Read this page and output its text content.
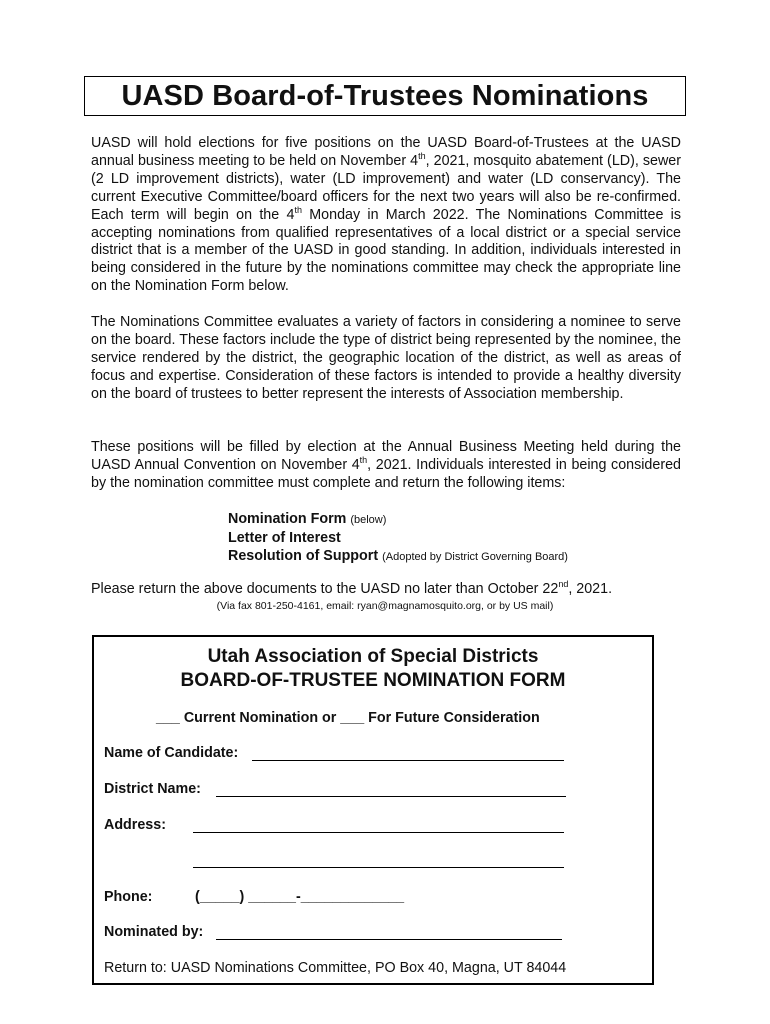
UASD Board-of-Trustees Nominations

UASD will hold elections for five positions on the UASD Board-of-Trustees at the UASD annual business meeting to be held on November 4th, 2021, mosquito abatement (LD), sewer (2 LD improvement districts), water (LD improvement) and water (LD conservancy). The current Executive Committee/board officers for the next two years will also be re-confirmed. Each term will begin on the 4th Monday in March 2022. The Nominations Committee is accepting nominations from qualified representatives of a local district or a special service district that is a member of the UASD in good standing. In addition, individuals interested in being considered in the future by the nominations committee may check the appropriate line on the Nomination Form below.

The Nominations Committee evaluates a variety of factors in considering a nominee to serve on the board. These factors include the type of district being represented by the nominee, the service rendered by the district, the geographic location of the district, as well as areas of focus and expertise. Consideration of these factors is intended to provide a healthy diversity on the board of trustees to better represent the interests of Association membership.

These positions will be filled by election at the Annual Business Meeting held during the UASD Annual Convention on November 4th, 2021. Individuals interested in being considered by the nomination committee must complete and return the following items:

Nomination Form (below)
Letter of Interest
Resolution of Support (Adopted by District Governing Board)
Please return the above documents to the UASD no later than October 22nd, 2021.
(Via fax 801-250-4161, email: ryan@magnamosquito.org, or by US mail)
Utah Association of Special Districts
BOARD-OF-TRUSTEE NOMINATION FORM
___ Current Nomination or ___ For Future Consideration
Name of Candidate:
District Name:
Address:
Phone:	(_____) ______-_____________
Nominated by:
Return to: UASD Nominations Committee, PO Box 40, Magna, UT 84044
